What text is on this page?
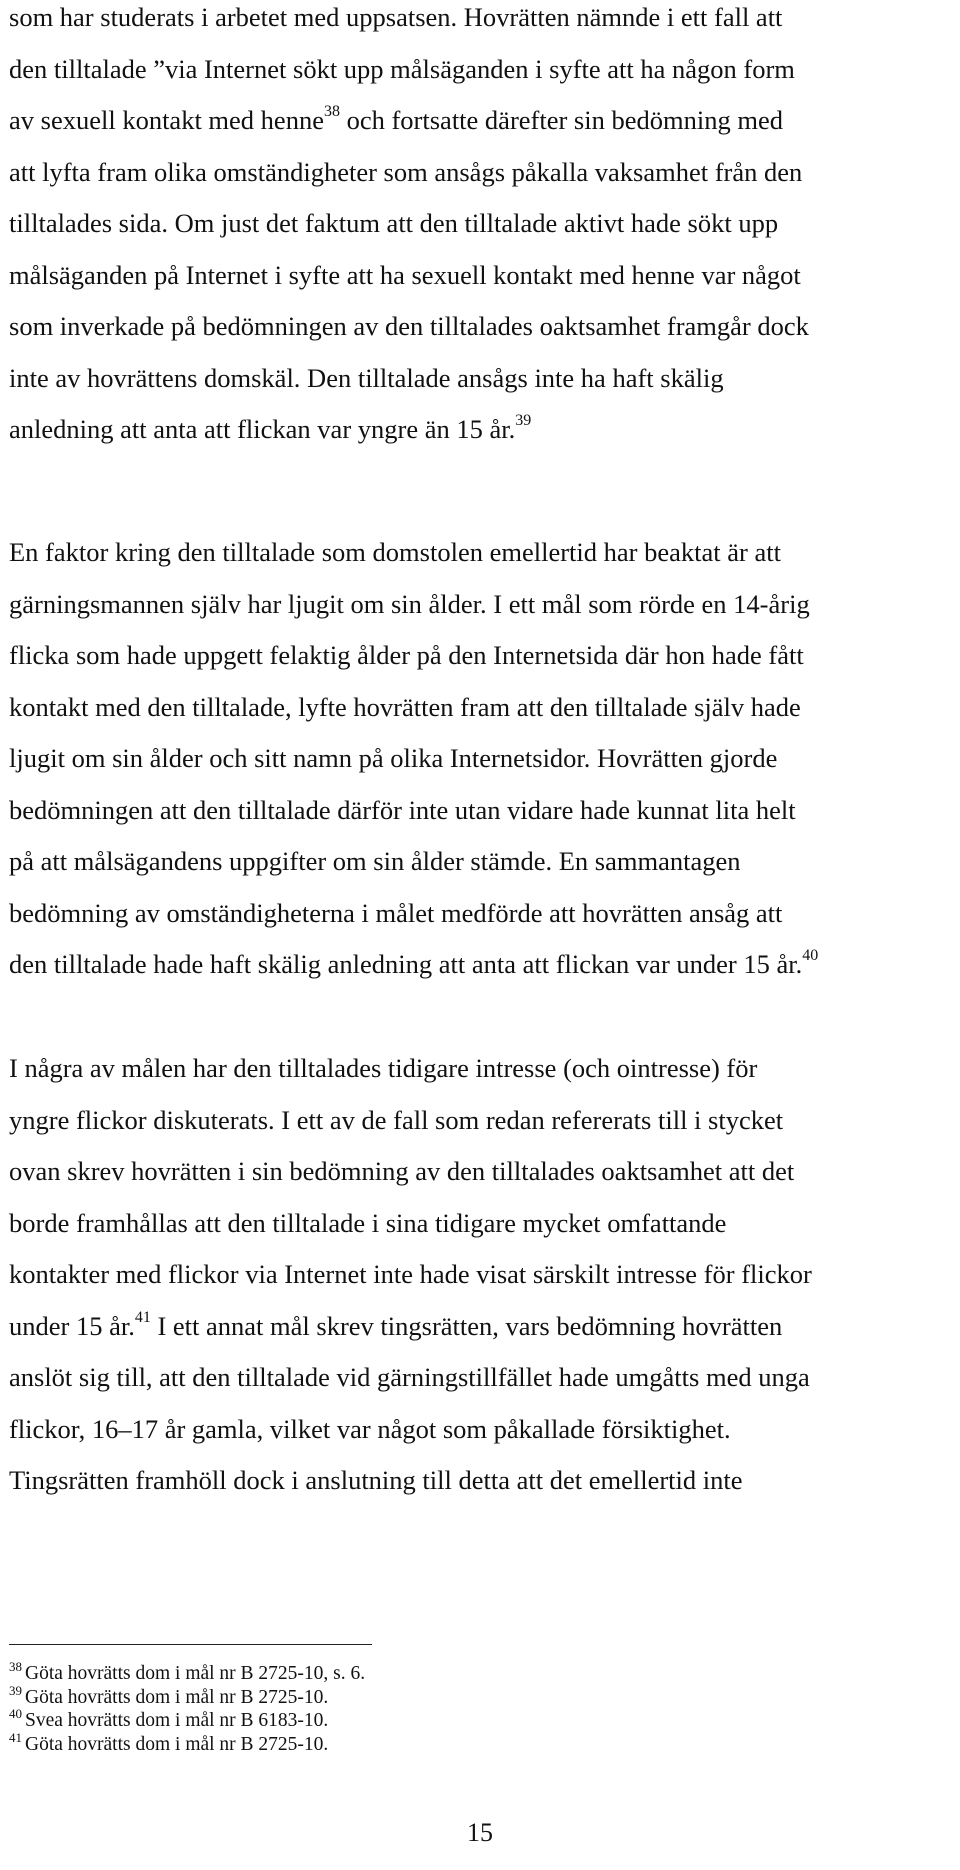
som har studerats i arbetet med uppsatsen. Hovrätten nämnde i ett fall att
den tilltalade ”via Internet sökt upp målsäganden i syfte att ha någon form
av sexuell kontakt med henne$^{38}$ och fortsatte därefter sin bedömning med
att lyfta fram olika omständigheter som ansågs påkalla vaksamhet från den
tilltalades sida. Om just det faktum att den tilltalade aktivt hade sökt upp
målsäganden på Internet i syfte att ha sexuell kontakt med henne var något
som inverkade på bedömningen av den tilltalades oaktsamhet framgår dock
inte av hovrättens domskäl. Den tilltalade ansågs inte ha haft skälig
anledning att anta att flickan var yngre än 15 år.$^{39}$
En faktor kring den tilltalade som domstolen emellertid har beaktat är att
gärningsmannen själv har ljugit om sin ålder. I ett mål som rörde en 14-årig
flicka som hade uppgett felaktig ålder på den Internetsida där hon hade fått
kontakt med den tilltalade, lyfte hovrätten fram att den tilltalade själv hade
ljugit om sin ålder och sitt namn på olika Internetsidor. Hovrätten gjorde
bedömningen att den tilltalade därför inte utan vidare hade kunnat lita helt
på att målsägandens uppgifter om sin ålder stämde. En sammantagen
bedömning av omständigheterna i målet medförde att hovrätten ansåg att
den tilltalade hade haft skälig anledning att anta att flickan var under 15 år.$^{40}$
I några av målen har den tilltalades tidigare intresse (och ointresse) för
yngre flickor diskuterats. I ett av de fall som redan refererats till i stycket
ovan skrev hovrätten i sin bedömning av den tilltalades oaktsamhet att det
borde framhållas att den tilltalade i sina tidigare mycket omfattande
kontakter med flickor via Internet inte hade visat särskilt intresse för flickor
under 15 år.$^{41}$ I ett annat mål skrev tingsrätten, vars bedömning hovrätten
anslöt sig till, att den tilltalade vid gärningstillfället hade umgåtts med unga
flickor, 16–17 år gamla, vilket var något som påkallade försiktighet.
Tingsrätten framhöll dock i anslutning till detta att det emellertid inte
$^{38}$ Göta hovrätts dom i mål nr B 2725-10, s. 6.
$^{39}$ Göta hovrätts dom i mål nr B 2725-10.
$^{40}$ Svea hovrätts dom i mål nr B 6183-10.
$^{41}$ Göta hovrätts dom i mål nr B 2725-10.
15
